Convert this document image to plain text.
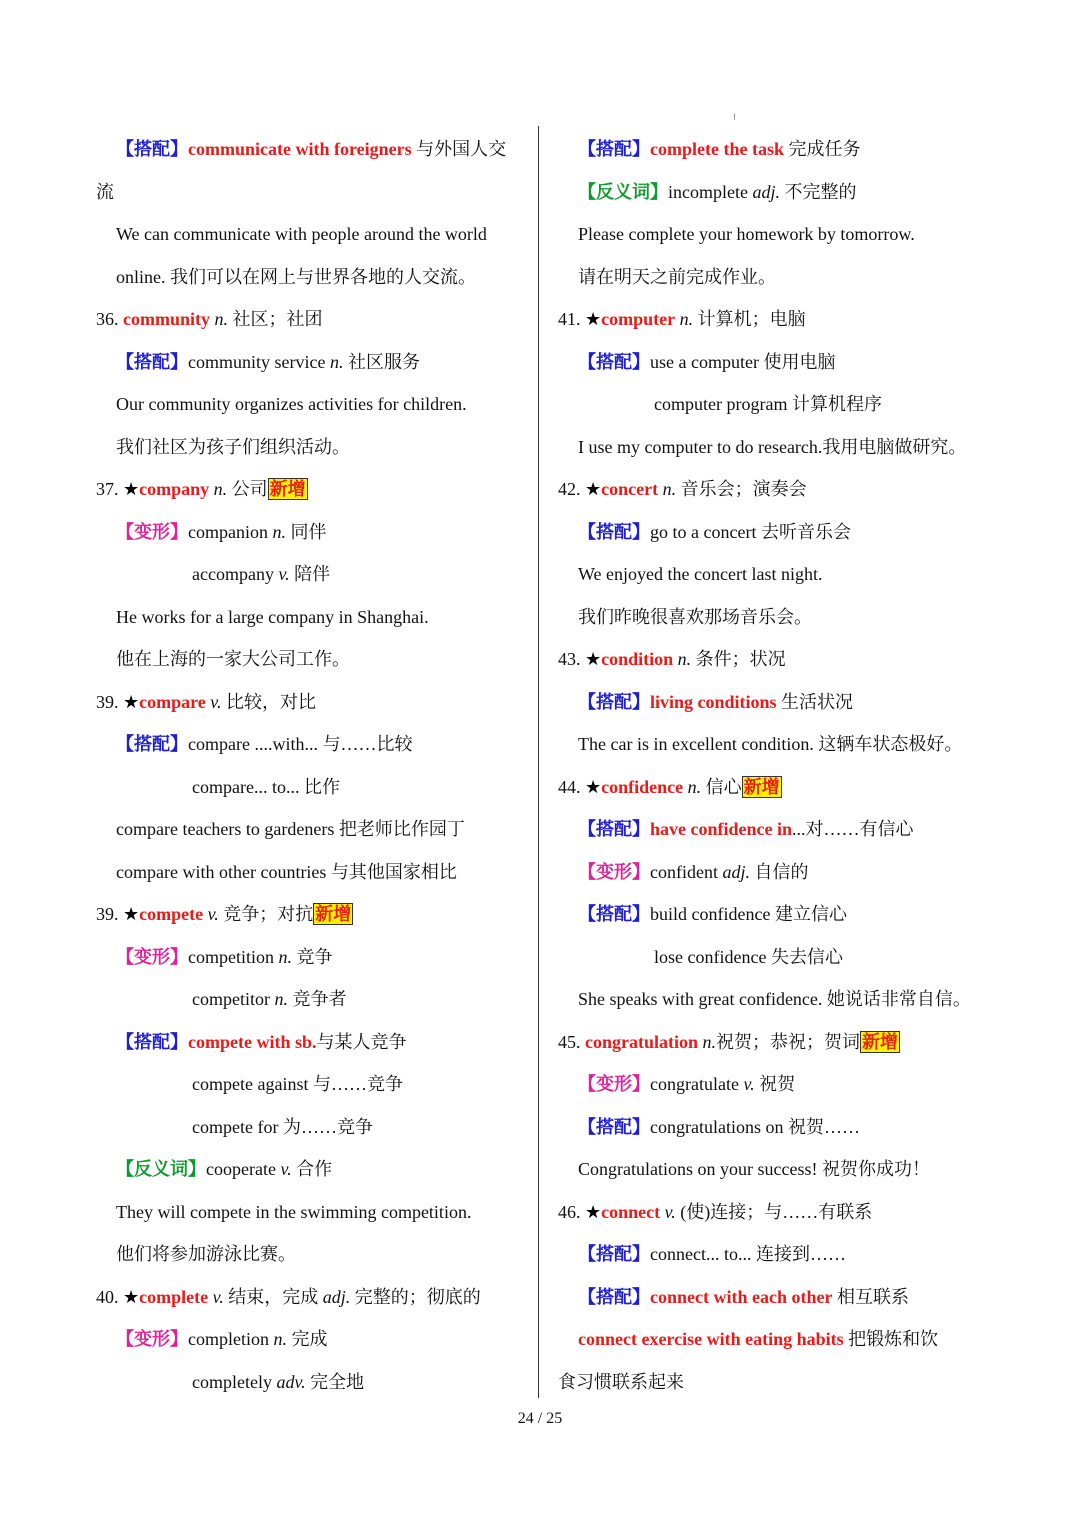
【搭配】communicate with foreigners 与外国人交
流
We can communicate with people around the world
online. 我们可以在网上与世界各地的人交流。
36. community n. 社区；社团
【搭配】community service n. 社区服务
Our community organizes activities for children.
我们社区为孩子们组织活动。
37. ★company n. 公司 新增
【变形】companion n. 同伴
accompany v. 陪伴
He works for a large company in Shanghai.
他在上海的一家大公司工作。
39. ★compare v. 比较，对比
【搭配】compare ....with... 与……比较
compare... to... 比作
compare teachers to gardeners 把老师比作园丁
compare with other countries 与其他国家相比
39. ★compete v. 竞争；对抗 新增
【变形】competition n. 竞争
competitor n. 竞争者
【搭配】compete with sb.与某人竞争
compete against 与……竞争
compete for 为……竞争
【反义词】cooperate v. 合作
They will compete in the swimming competition.
他们将参加游泳比赛。
40. ★complete v. 结束，完成 adj. 完整的；彻底的
【变形】completion n. 完成
completely adv. 完全地
【搭配】complete the task 完成任务
【反义词】incomplete adj. 不完整的
Please complete your homework by tomorrow.
请在明天之前完成作业。
41. ★computer n. 计算机；电脑
【搭配】use a computer 使用电脑
computer program 计算机程序
I use my computer to do research.我用电脑做研究。
42. ★concert n. 音乐会；演奏会
【搭配】go to a concert 去听音乐会
We enjoyed the concert last night.
我们昨晚很喜欢那场音乐会。
43. ★condition n. 条件；状况
【搭配】living conditions 生活状况
The car is in excellent condition. 这辆车状态极好。
44. ★confidence n. 信心 新增
【搭配】have confidence in...对……有信心
【变形】confident adj. 自信的
【搭配】build confidence 建立信心
lose confidence 失去信心
She speaks with great confidence. 她说话非常自信。
45. congratulation n.祝贺；恭祝；贺词 新增
【变形】congratulate v. 祝贺
【搭配】congratulations on 祝贺……
Congratulations on your success! 祝贺你成功！
46. ★connect v. (使)连接；与……有联系
【搭配】connect... to... 连接到……
【搭配】connect with each other 相互联系
connect exercise with eating habits 把锻炼和饮
食习惯联系起来
24 / 25
